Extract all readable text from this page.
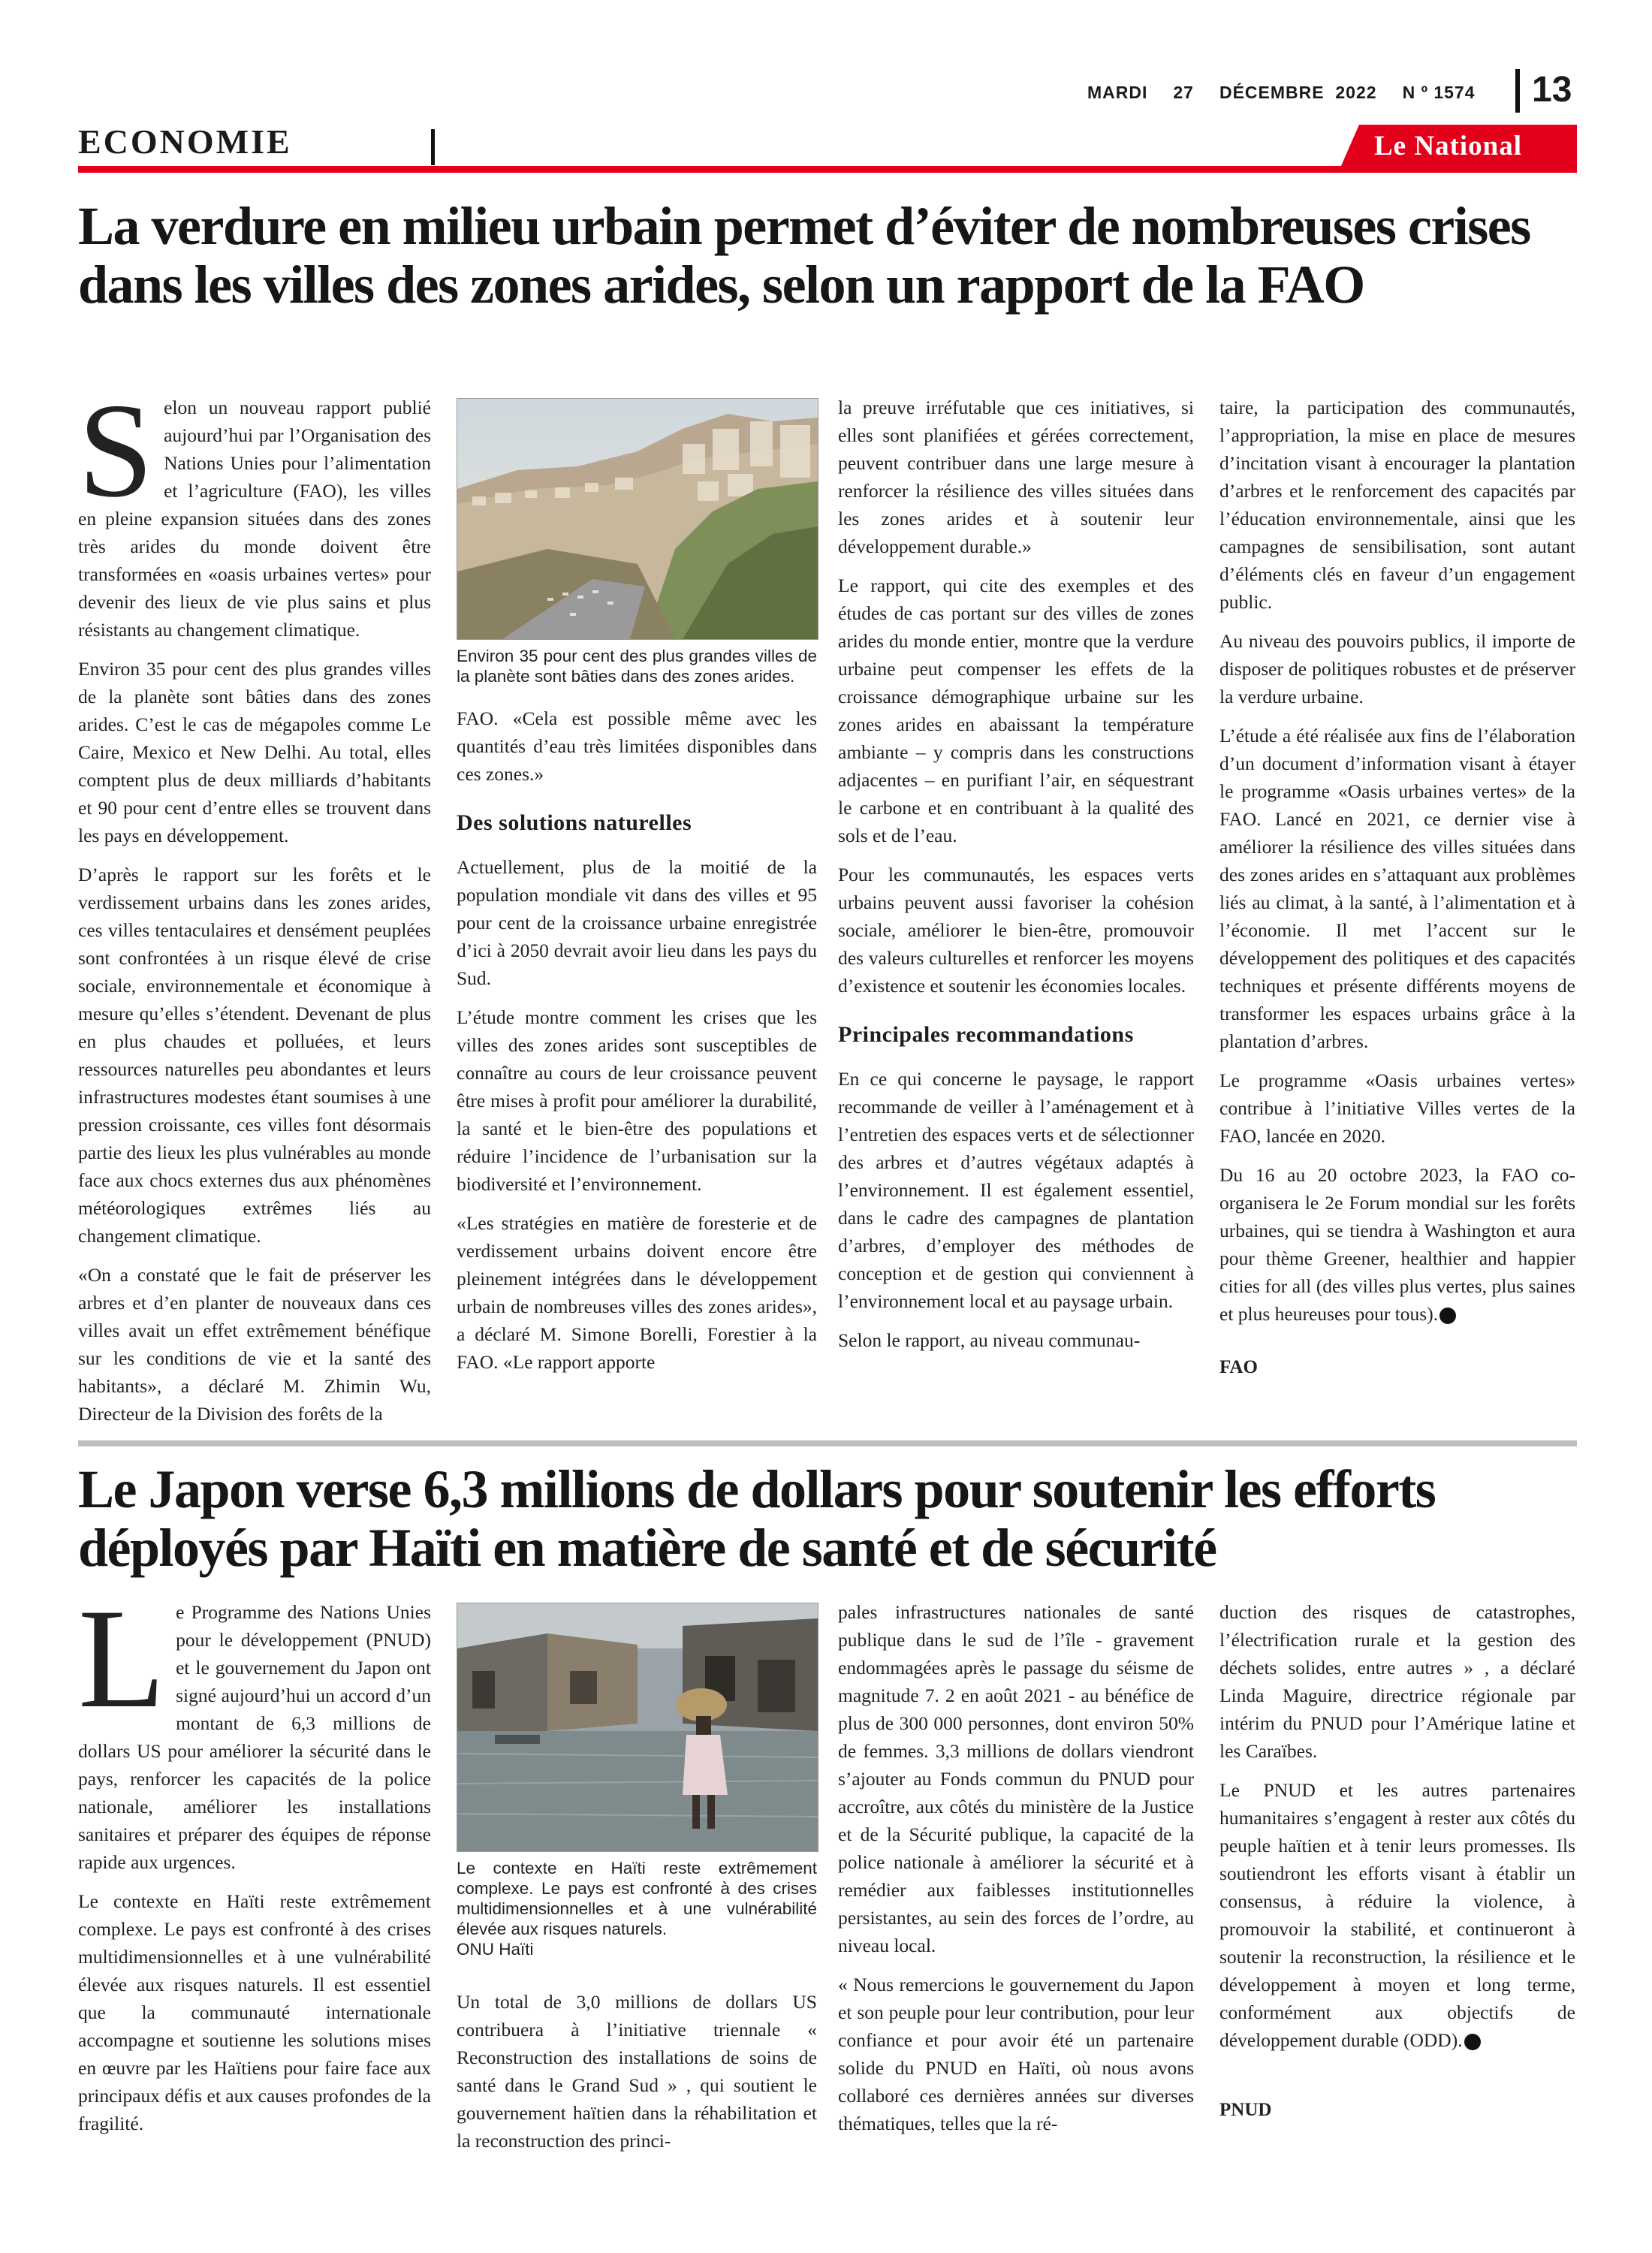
MARDI 27 DÉCEMBRE  2022 N º 1574	13
ECONOMIE	Le National
La verdure en milieu urbain permet d’éviter de nombreuses crises dans les villes des zones arides, selon un rapport de la FAO

Selon un nouveau rapport publié aujourd’hui par l’Organisation des Nations Unies pour l’alimentation et l’agriculture (FAO), les villes en pleine expansion situées dans des zones très arides du monde doivent être transformées en «oasis urbaines vertes» pour devenir des lieux de vie plus sains et plus résistants au changement climatique.

Environ 35 pour cent des plus grandes villes de la planète sont bâties dans des zones arides. C’est le cas de mégapoles comme Le Caire, Mexico et New Delhi. Au total, elles comptent plus de deux milliards d’habitants et 90 pour cent d’entre elles se trouvent dans les pays en développement.

D’après le rapport sur les forêts et le verdissement urbains dans les zones arides, ces villes tentaculaires et densément peuplées sont confrontées à un risque élevé de crise sociale, environnementale et économique à mesure qu’elles s’étendent. Devenant de plus en plus chaudes et polluées, et leurs ressources naturelles peu abondantes et leurs infrastructures modestes étant soumises à une pression croissante, ces villes font désormais partie des lieux les plus vulnérables au monde face aux chocs externes dus aux phénomènes météorologiques extrêmes liés au changement climatique.

«On a constaté que le fait de préserver les arbres et d’en planter de nouveaux dans ces villes avait un effet extrêmement bénéfique sur les conditions de vie et la santé des habitants», a déclaré M. Zhimin Wu, Directeur de la Division des forêts de la

Environ 35 pour cent des plus grandes villes de la planète sont bâties dans des zones arides.

FAO. «Cela est possible même avec les quantités d’eau très limitées disponibles dans ces zones.»

Des solutions naturelles

Actuellement, plus de la moitié de la population mondiale vit dans des villes et 95 pour cent de la croissance urbaine enregistrée d’ici à 2050 devrait avoir lieu dans les pays du Sud.

L’étude montre comment les crises que les villes des zones arides sont susceptibles de connaître au cours de leur croissance peuvent être mises à profit pour améliorer la durabilité, la santé et le bien-être des populations et réduire l’incidence de l’urbanisation sur la biodiversité et l’environnement.

«Les stratégies en matière de foresterie et de verdissement urbains doivent encore être pleinement intégrées dans le développement urbain de nombreuses villes des zones arides», a déclaré M. Simone Borelli, Forestier à la FAO. «Le rapport apporte

la preuve irréfutable que ces initiatives, si elles sont planifiées et gérées correctement, peuvent contribuer dans une large mesure à renforcer la résilience des villes situées dans les zones arides et à soutenir leur développement durable.»

Le rapport, qui cite des exemples et des études de cas portant sur des villes de zones arides du monde entier, montre que la verdure urbaine peut compenser les effets de la croissance démographique urbaine sur les zones arides en abaissant la température ambiante – y compris dans les constructions adjacentes – en purifiant l’air, en séquestrant le carbone et en contribuant à la qualité des sols et de l’eau.

Pour les communautés, les espaces verts urbains peuvent aussi favoriser la cohésion sociale, améliorer le bien-être, promouvoir des valeurs culturelles et renforcer les moyens d’existence et soutenir les économies locales.

Principales recommandations

En ce qui concerne le paysage, le rapport recommande de veiller à l’aménagement et à l’entretien des espaces verts et de sélectionner des arbres et d’autres végétaux adaptés à l’environnement. Il est également essentiel, dans le cadre des campagnes de plantation d’arbres, d’employer des méthodes de conception et de gestion qui conviennent à l’environnement local et au paysage urbain.

Selon le rapport, au niveau communau-

taire, la participation des communautés, l’appropriation, la mise en place de mesures d’incitation visant à encourager la plantation d’arbres et le renforcement des capacités par l’éducation environnementale, ainsi que les campagnes de sensibilisation, sont autant d’éléments clés en faveur d’un engagement public.

Au niveau des pouvoirs publics, il importe de disposer de politiques robustes et de préserver la verdure urbaine.

L’étude a été réalisée aux fins de l’élaboration d’un document d’information visant à étayer le programme «Oasis urbaines vertes» de la FAO. Lancé en 2021, ce dernier vise à améliorer la résilience des villes situées dans des zones arides en s’attaquant aux problèmes liés au climat, à la santé, à l’alimentation et à l’économie. Il met l’accent sur le développement des politiques et des capacités techniques et présente différents moyens de transformer les espaces urbains grâce à la plantation d’arbres.

Le programme «Oasis urbaines vertes» contribue à l’initiative Villes vertes de la FAO, lancée en 2020.

Du 16 au 20 octobre 2023, la FAO co-organisera le 2e Forum mondial sur les forêts urbaines, qui se tiendra à Washington et aura pour thème Greener, healthier and happier cities for all (des villes plus vertes, plus saines et plus heureuses pour tous).

FAO
Le Japon verse 6,3 millions de dollars pour soutenir les efforts déployés par Haïti en matière de santé et de sécurité

Le Programme des Nations Unies pour le développement (PNUD) et le gouvernement du Japon ont signé aujourd’hui un accord d’un montant de 6,3 millions de dollars US pour améliorer la sécurité dans le pays, renforcer les capacités de la police nationale, améliorer les installations sanitaires et préparer des équipes de réponse rapide aux urgences.

Le contexte en Haïti reste extrêmement complexe. Le pays est confronté à des crises multidimensionnelles et à une vulnérabilité élevée aux risques naturels. Il est essentiel que la communauté internationale accompagne et soutienne les solutions mises en œuvre par les Haïtiens pour faire face aux principaux défis et aux causes profondes de la fragilité.

Le contexte en Haïti reste extrêmement complexe. Le pays est confronté à des crises multidimensionnelles et à une vulnérabilité élevée aux risques naturels.
ONU Haïti

Un total de 3,0 millions de dollars US contribuera à l’initiative triennale « Reconstruction des installations de soins de santé dans le Grand Sud » , qui soutient le gouvernement haïtien dans la réhabilitation et la reconstruction des princi-

pales infrastructures nationales de santé publique dans le sud de l’île - gravement endommagées après le passage du séisme de magnitude 7. 2 en août 2021 - au bénéfice de plus de 300 000 personnes, dont environ 50% de femmes. 3,3 millions de dollars viendront s’ajouter au Fonds commun du PNUD pour accroître, aux côtés du ministère de la Justice et de la Sécurité publique, la capacité de la police nationale à améliorer la sécurité et à remédier aux faiblesses institutionnelles persistantes, au sein des forces de l’ordre, au niveau local.

« Nous remercions le gouvernement du Japon et son peuple pour leur contribution, pour leur confiance et pour avoir été un partenaire solide du PNUD en Haïti, où nous avons collaboré ces dernières années sur diverses thématiques, telles que la ré-

duction des risques de catastrophes, l’électrification rurale et la gestion des déchets solides, entre autres » , a déclaré Linda Maguire, directrice régionale par intérim du PNUD pour l’Amérique latine et les Caraïbes.

Le PNUD et les autres partenaires humanitaires s’engagent à rester aux côtés du peuple haïtien et à tenir leurs promesses. Ils soutiendront les efforts visant à établir un consensus, à réduire la violence, à promouvoir la stabilité, et continueront à soutenir la reconstruction, la résilience et le développement à moyen et long terme, conformément aux objectifs de développement durable (ODD).

PNUD
